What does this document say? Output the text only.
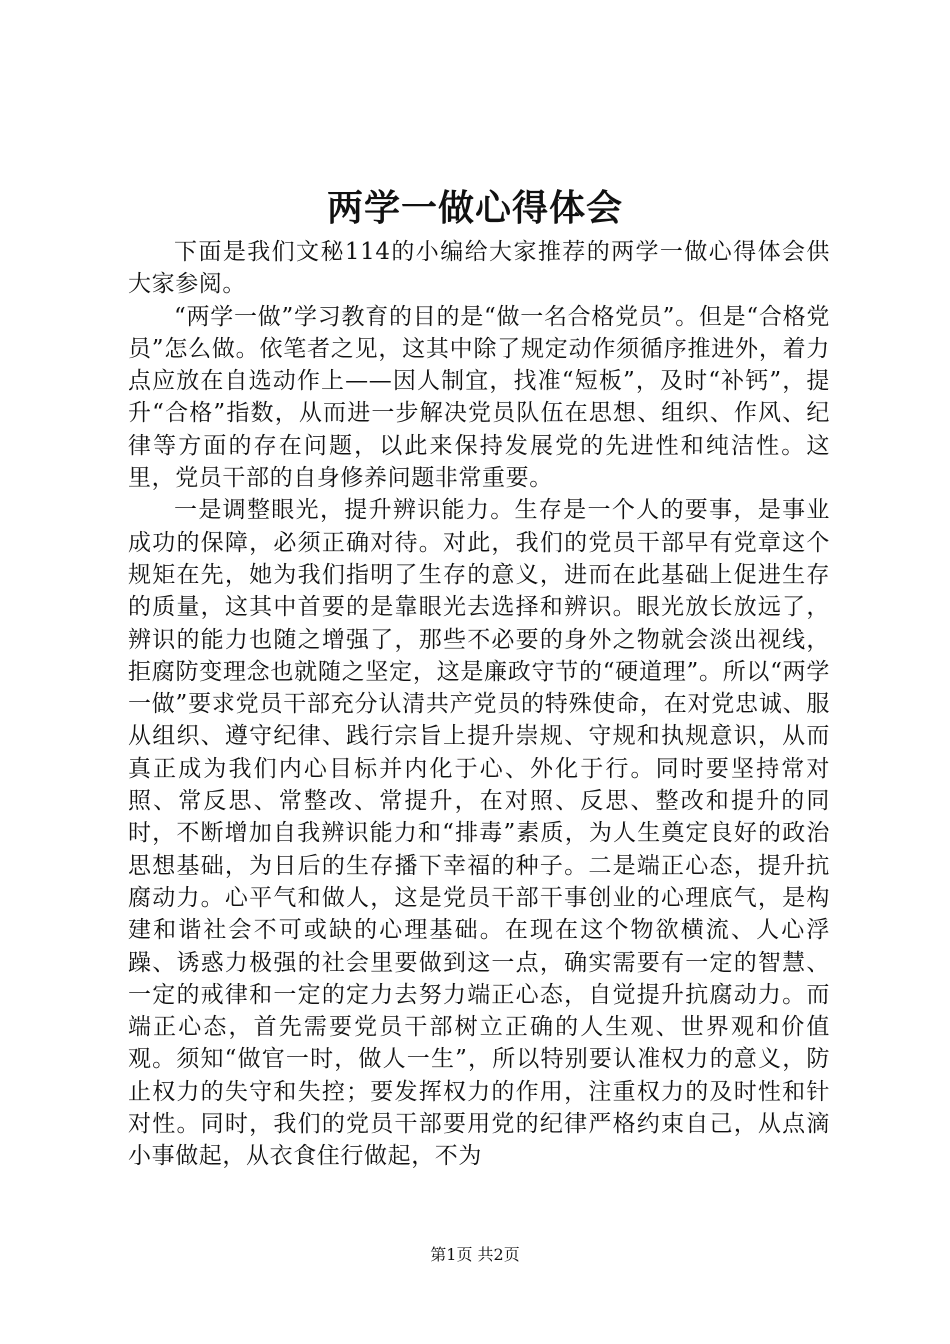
两学一做心得体会

下面是我们文秘114的小编给大家推荐的两学一做心得体会供大家参阅。

“两学一做”学习教育的目的是“做一名合格党员”。但是“合格党员”怎么做。依笔者之见，这其中除了规定动作须循序推进外，着力点应放在自选动作上——因人制宜，找准“短板”，及时“补钙”，提升“合格”指数，从而进一步解决党员队伍在思想、组织、作风、纪律等方面的存在问题，以此来保持发展党的先进性和纯洁性。这里，党员干部的自身修养问题非常重要。

一是调整眼光，提升辨识能力。生存是一个人的要事，是事业成功的保障，必须正确对待。对此，我们的党员干部早有党章这个规矩在先，她为我们指明了生存的意义，进而在此基础上促进生存的质量，这其中首要的是靠眼光去选择和辨识。眼光放长放远了，辨识的能力也随之增强了，那些不必要的身外之物就会淡出视线，拒腐防变理念也就随之坚定，这是廉政守节的“硬道理”。所以“两学一做”要求党员干部充分认清共产党员的特殊使命，在对党忠诚、服从组织、遵守纪律、践行宗旨上提升崇规、守规和执规意识，从而真正成为我们内心目标并内化于心、外化于行。同时要坚持常对照、常反思、常整改、常提升，在对照、反思、整改和提升的同时，不断增加自我辨识能力和“排毒”素质，为人生奠定良好的政治思想基础，为日后的生存播下幸福的种子。二是端正心态，提升抗腐动力。心平气和做人，这是党员干部干事创业的心理底气，是构建和谐社会不可或缺的心理基础。在现在这个物欲横流、人心浮躁、诱惑力极强的社会里要做到这一点，确实需要有一定的智慧、一定的戒律和一定的定力去努力端正心态，自觉提升抗腐动力。而端正心态，首先需要党员干部树立正确的人生观、世界观和价值观。须知“做官一时，做人一生”，所以特别要认准权力的意义，防止权力的失守和失控；要发挥权力的作用，注重权力的及时性和针对性。同时，我们的党员干部要用党的纪律严格约束自己，从点滴小事做起，从衣食住行做起，不为

第1页 共2页
